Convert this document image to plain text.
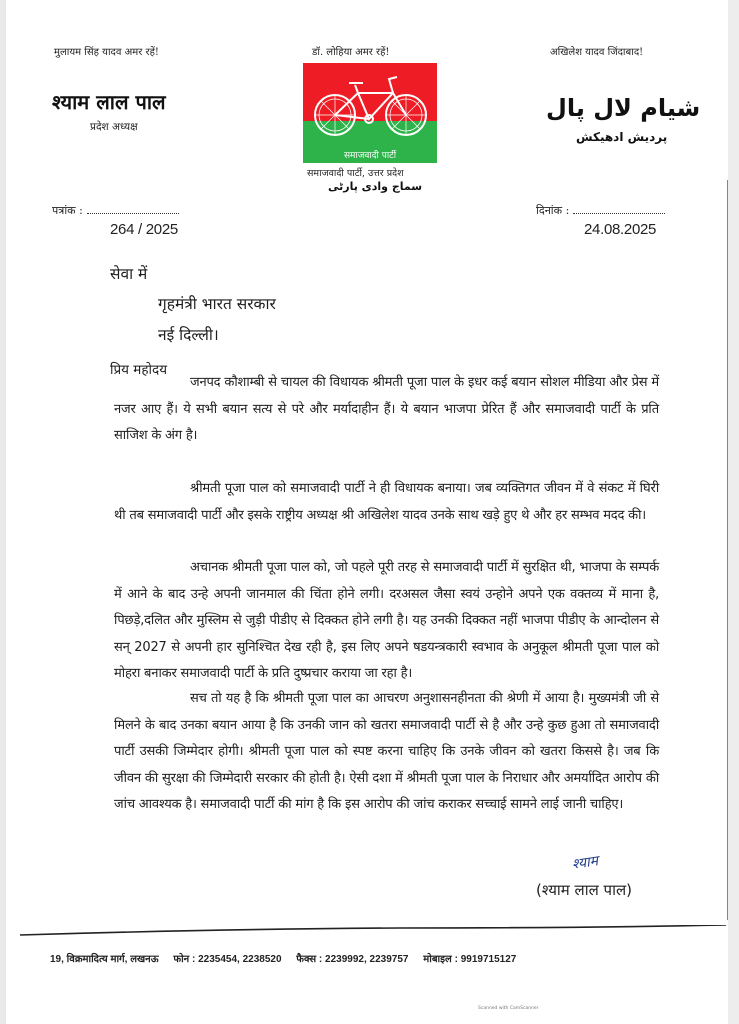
मुलायम सिंह यादव अमर रहें!	डॉ. लोहिया अमर रहें!	अखिलेश यादव जिंदाबाद!
श्याम लाल पाल
प्रदेश अध्यक्ष
समाजवादी पार्टी
समाजवादी पार्टी, उत्तर प्रदेश
سماج وادی پارٹی
شیام لال پال
پردیش ادھیکش
पत्रांक :
264 / 2025
दिनांक :
24.08.2025
सेवा में
गृहमंत्री भारत सरकार
नई दिल्ली।
प्रिय महोदय

जनपद कौशाम्बी से चायल की विधायक श्रीमती पूजा पाल के इधर कई बयान सोशल मीडिया और प्रेस में नजर आए हैं। ये सभी बयान सत्य से परे और मर्यादाहीन हैं। ये बयान भाजपा प्रेरित हैं और समाजवादी पार्टी के प्रति साजिश के अंग है।

श्रीमती पूजा पाल को समाजवादी पार्टी ने ही विधायक बनाया। जब व्यक्तिगत जीवन में वे संकट में घिरी थी तब समाजवादी पार्टी और इसके राष्ट्रीय अध्यक्ष श्री अखिलेश यादव उनके साथ खड़े हुए थे और हर सम्भव मदद की।

अचानक श्रीमती पूजा पाल को, जो पहले पूरी तरह से समाजवादी पार्टी में सुरक्षित थी, भाजपा के सम्पर्क में आने के बाद उन्हे अपनी जानमाल की चिंता होने लगी। दरअसल जैसा स्वयं उन्होने अपने एक वक्तव्य में माना है, पिछड़े,दलित और मुस्लिम से जुड़ी पीडीए से दिक्कत होने लगी है। यह उनकी दिक्कत नहीं भाजपा पीडीए के आन्दोलन से सन् 2027 से अपनी हार सुनिश्चित देख रही है, इस लिए अपने षडयन्त्रकारी स्वभाव के अनुकूल श्रीमती पूजा पाल को मोहरा बनाकर समाजवादी पार्टी के प्रति दुष्प्रचार कराया जा रहा है।

सच तो यह है कि श्रीमती पूजा पाल का आचरण अनुशासनहीनता की श्रेणी में आया है। मुख्यमंत्री जी से मिलने के बाद उनका बयान आया है कि उनकी जान को खतरा समाजवादी पार्टी से है और उन्हे कुछ हुआ तो समाजवादी पार्टी उसकी जिम्मेदार होगी। श्रीमती पूजा पाल को स्पष्ट करना चाहिए कि उनके जीवन को खतरा किससे है। जब कि जीवन की सुरक्षा की जिम्मेदारी सरकार की होती है। ऐसी दशा में श्रीमती पूजा पाल के निराधार और अमर्यादित आरोप की जांच आवश्यक है। समाजवादी पार्टी की मांग है कि इस आरोप की जांच कराकर सच्चाई सामने लाई जानी चाहिए।

श्याम
(श्याम लाल पाल)
19, विक्रमादित्य मार्ग, लखनऊ फोन : 2235454, 2238520 फैक्स : 2239992, 2239757 मोबाइल : 9919715127
Scanned with CamScanner
